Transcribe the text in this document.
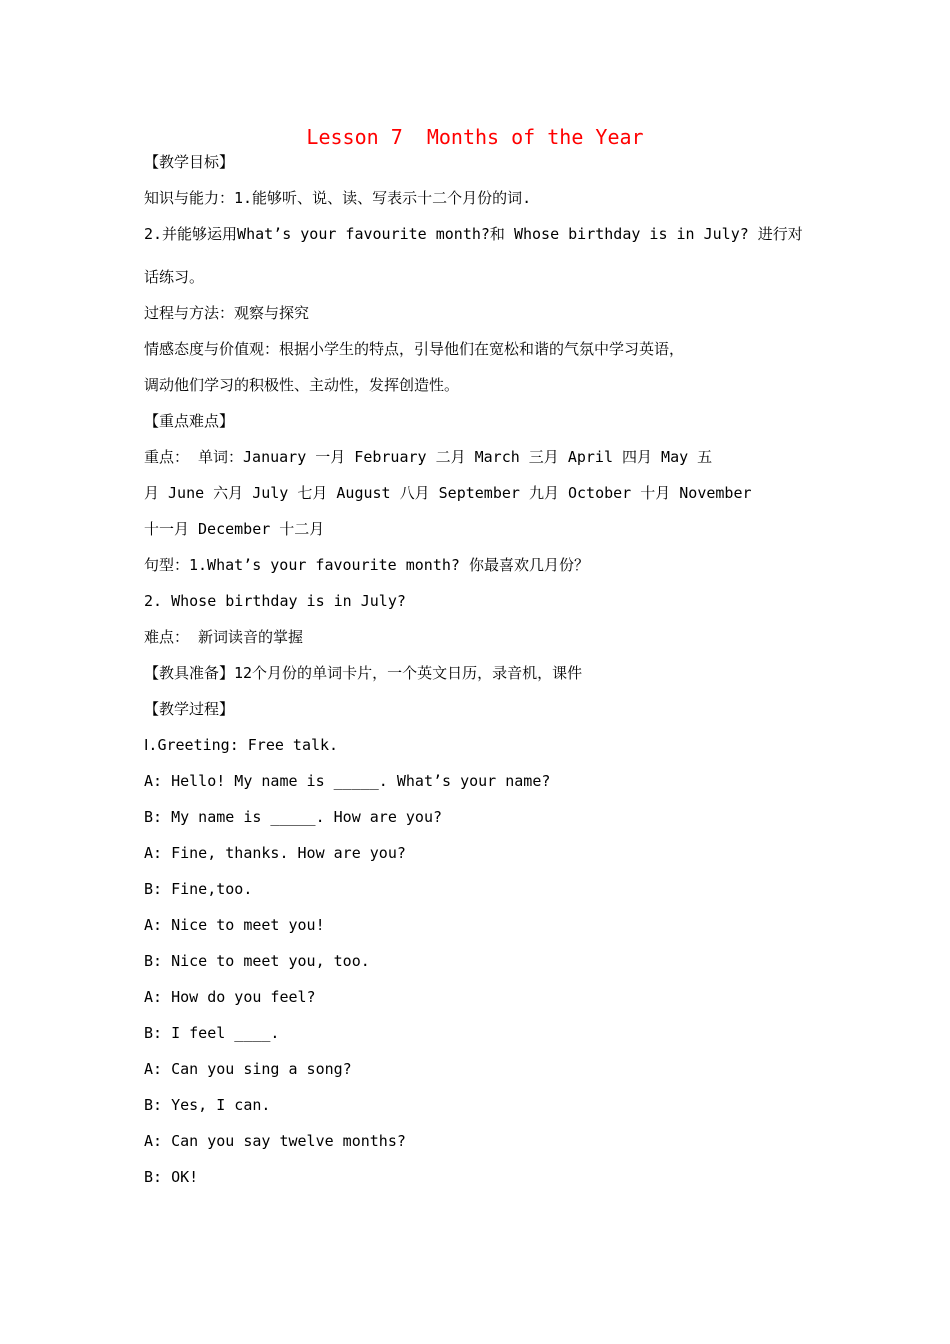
Lesson 7  Months of the Year
【教学目标】
知识与能力：1.能够听、说、读、写表示十二个月份的词.
2.并能够运用What’s your favourite month?和 Whose birthday is in July? 进行对
话练习。
过程与方法：观察与探究
情感态度与价值观：根据小学生的特点，引导他们在宽松和谐的气氛中学习英语，
调动他们学习的积极性、主动性，发挥创造性。
【重点难点】
重点： 单词：January 一月 February 二月 March 三月 April 四月 May 五
月 June 六月 July 七月 August 八月 September 九月 October 十月 November
十一月 December 十二月
句型：1.What’s your favourite month? 你最喜欢几月份？
2. Whose birthday is in July?
难点： 新词读音的掌握
【教具准备】12个月份的单词卡片，一个英文日历，录音机，课件
【教学过程】
Ⅰ.Greeting: Free talk.
A: Hello! My name is _____. What’s your name?
B: My name is _____. How are you?
A: Fine, thanks. How are you?
B: Fine,too.
A: Nice to meet you!
B: Nice to meet you, too.
A: How do you feel?
B: I feel ____.
A: Can you sing a song?
B: Yes, I can.
A: Can you say twelve months?
B: OK!
